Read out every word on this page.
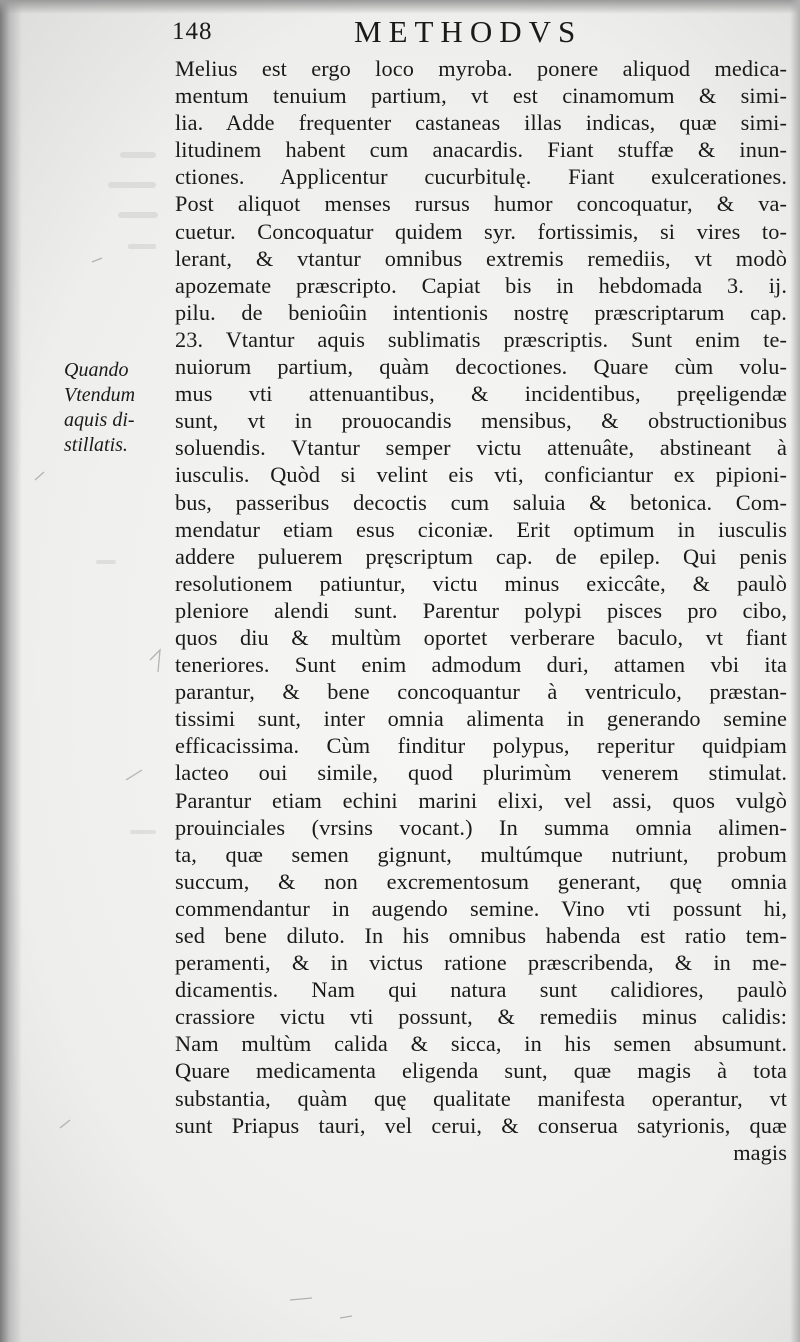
148	METHODVS
Quando
Vtendum
aquis di-
stillatis.
Melius est ergo loco myroba. ponere aliquod medica-
mentum tenuium partium, vt est cinamomum & simi-
lia. Adde frequenter castaneas illas indicas, quæ simi-
litudinem habent cum anacardis. Fiant stuffæ & inun-
ctiones. Applicentur cucurbitulę. Fiant exulcerationes.
Post aliquot menses rursus humor concoquatur, & va-
cuetur. Concoquatur quidem syr. fortissimis, si vires to-
lerant, & vtantur omnibus extremis remediis, vt modò
apozemate præscripto. Capiat bis in hebdomada 3. ij.
pilu. de benioûin intentionis nostrę præscriptarum cap.
23. Vtantur aquis sublimatis præscriptis. Sunt enim te-
nuiorum partium, quàm decoctiones. Quare cùm volu-
mus vti attenuantibus, & incidentibus, pręeligendæ
sunt, vt in prouocandis mensibus, & obstructionibus
soluendis. Vtantur semper victu attenuâte, abstineant à
iusculis. Quòd si velint eis vti, conficiantur ex pipioni-
bus, passeribus decoctis cum saluia & betonica. Com-
mendatur etiam esus ciconiæ. Erit optimum in iusculis
addere puluerem pręscriptum cap. de epilep. Qui penis
resolutionem patiuntur, victu minus exiccâte, & paulò
pleniore alendi sunt. Parentur polypi pisces pro cibo,
quos diu & multùm oportet verberare baculo, vt fiant
teneriores. Sunt enim admodum duri, attamen vbi ita
parantur, & bene concoquantur à ventriculo, præstan-
tissimi sunt, inter omnia alimenta in generando semine
efficacissima. Cùm finditur polypus, reperitur quidpiam
lacteo oui simile, quod plurimùm venerem stimulat.
Parantur etiam echini marini elixi, vel assi, quos vulgò
prouinciales (vrsins vocant.) In summa omnia alimen-
ta, quæ semen gignunt, multúmque nutriunt, probum
succum, & non excrementosum generant, quę omnia
commendantur in augendo semine. Vino vti possunt hi,
sed bene diluto. In his omnibus habenda est ratio tem-
peramenti, & in victus ratione præscribenda, & in me-
dicamentis. Nam qui natura sunt calidiores, paulò
crassiore victu vti possunt, & remediis minus calidis:
Nam multùm calida & sicca, in his semen absumunt.
Quare medicamenta eligenda sunt, quæ magis à tota
substantia, quàm quę qualitate manifesta operantur, vt
sunt Priapus tauri, vel cerui, & conserua satyrionis, quæ
magis
